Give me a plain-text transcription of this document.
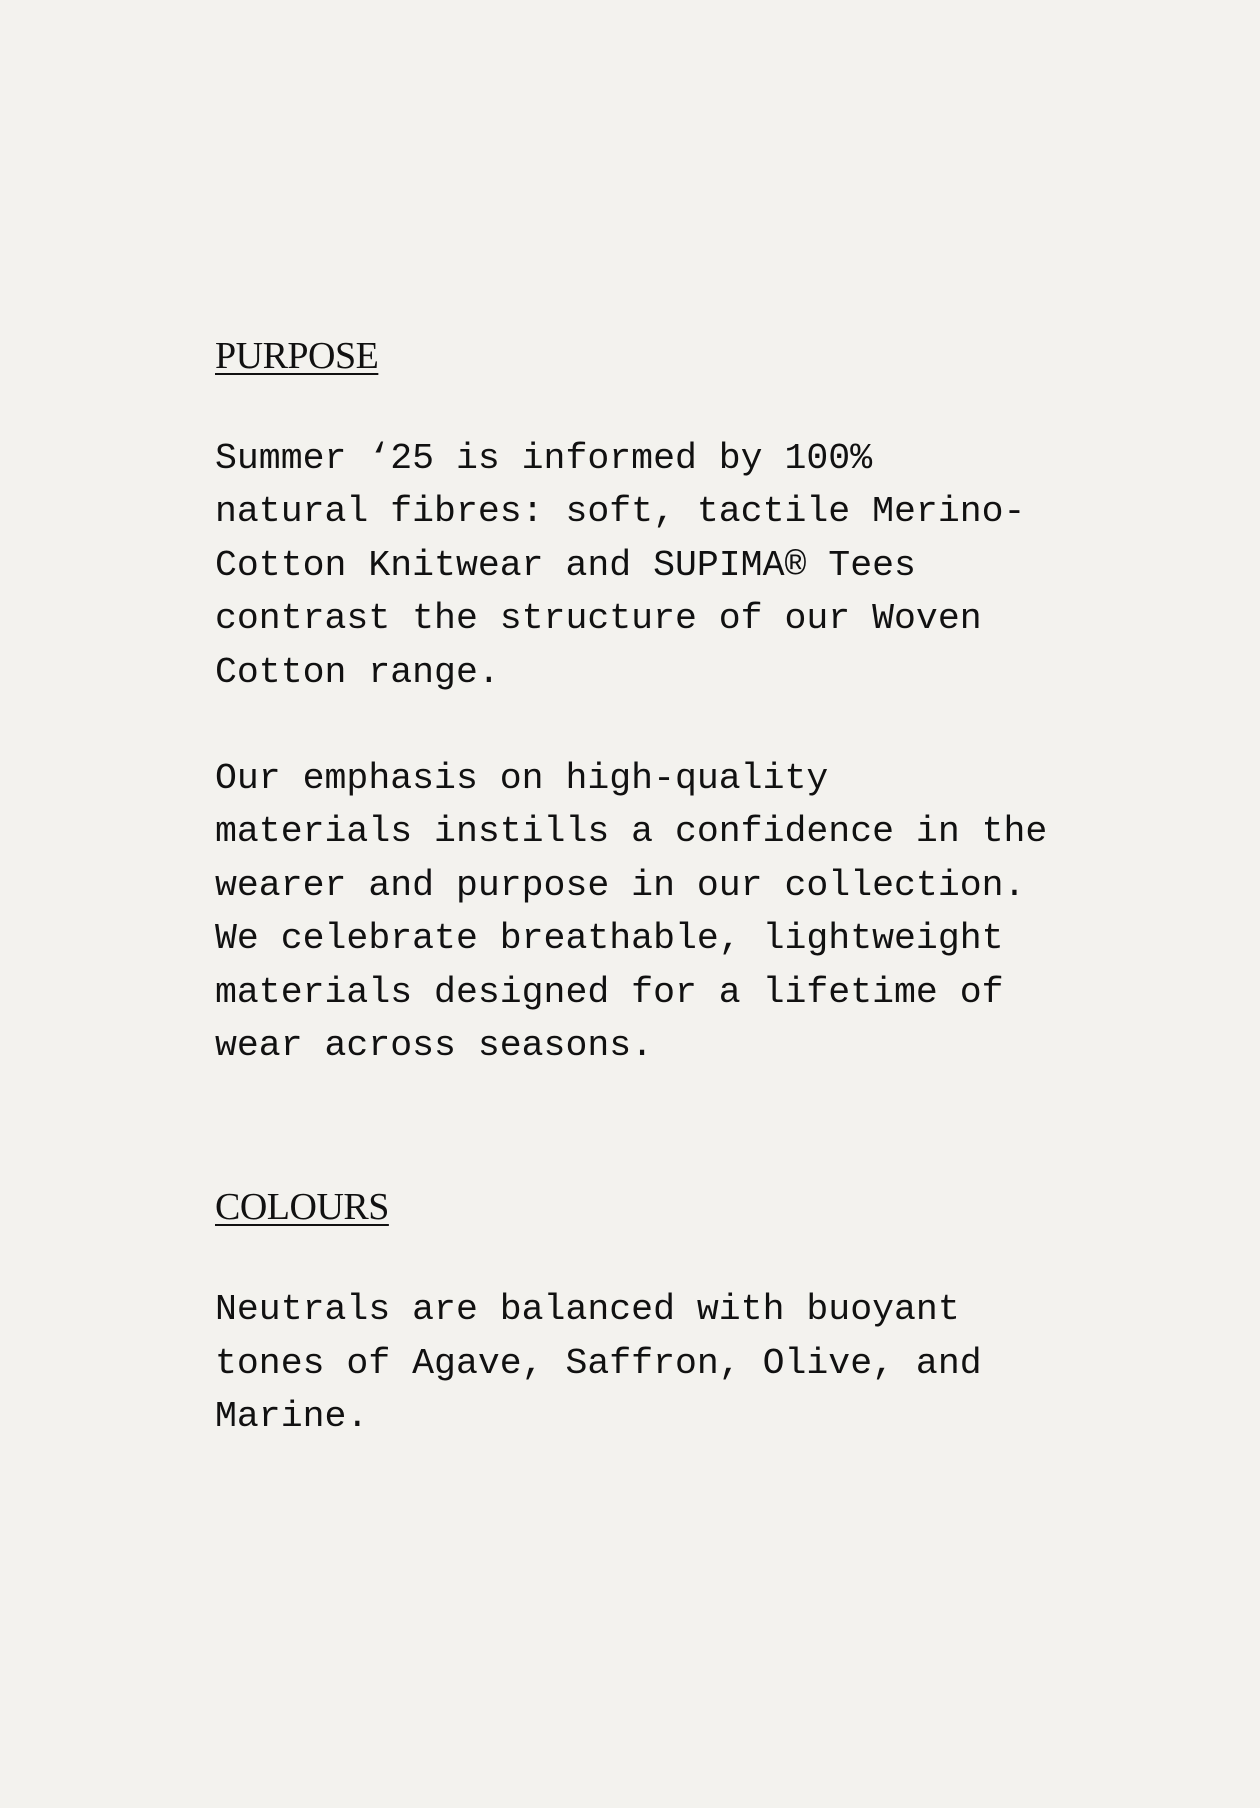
PURPOSE

Summer ‘25 is informed by 100%
natural fibres: soft, tactile Merino-
Cotton Knitwear and SUPIMA® Tees
contrast the structure of our Woven
Cotton range.

Our emphasis on high-quality
materials instills a confidence in the
wearer and purpose in our collection.
We celebrate breathable, lightweight
materials designed for a lifetime of
wear across seasons.

COLOURS

Neutrals are balanced with buoyant
tones of Agave, Saffron, Olive, and
Marine.
